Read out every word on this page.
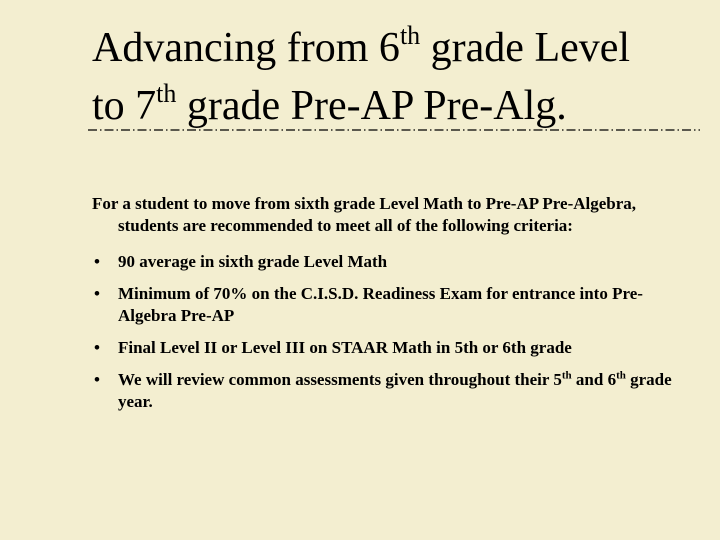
Advancing from 6th grade Level
to 7th grade Pre-AP Pre-Alg.

For a student to move from sixth grade Level Math to Pre-AP Pre-Algebra, students are recommended to meet all of the following criteria:

•	90 average in sixth grade Level Math
•	Minimum of 70% on the C.I.S.D. Readiness Exam for entrance into Pre- Algebra Pre-AP
•	Final Level II or Level III on STAAR Math in 5th or 6th grade
•	We will review common assessments given throughout their 5th and 6th grade year.
